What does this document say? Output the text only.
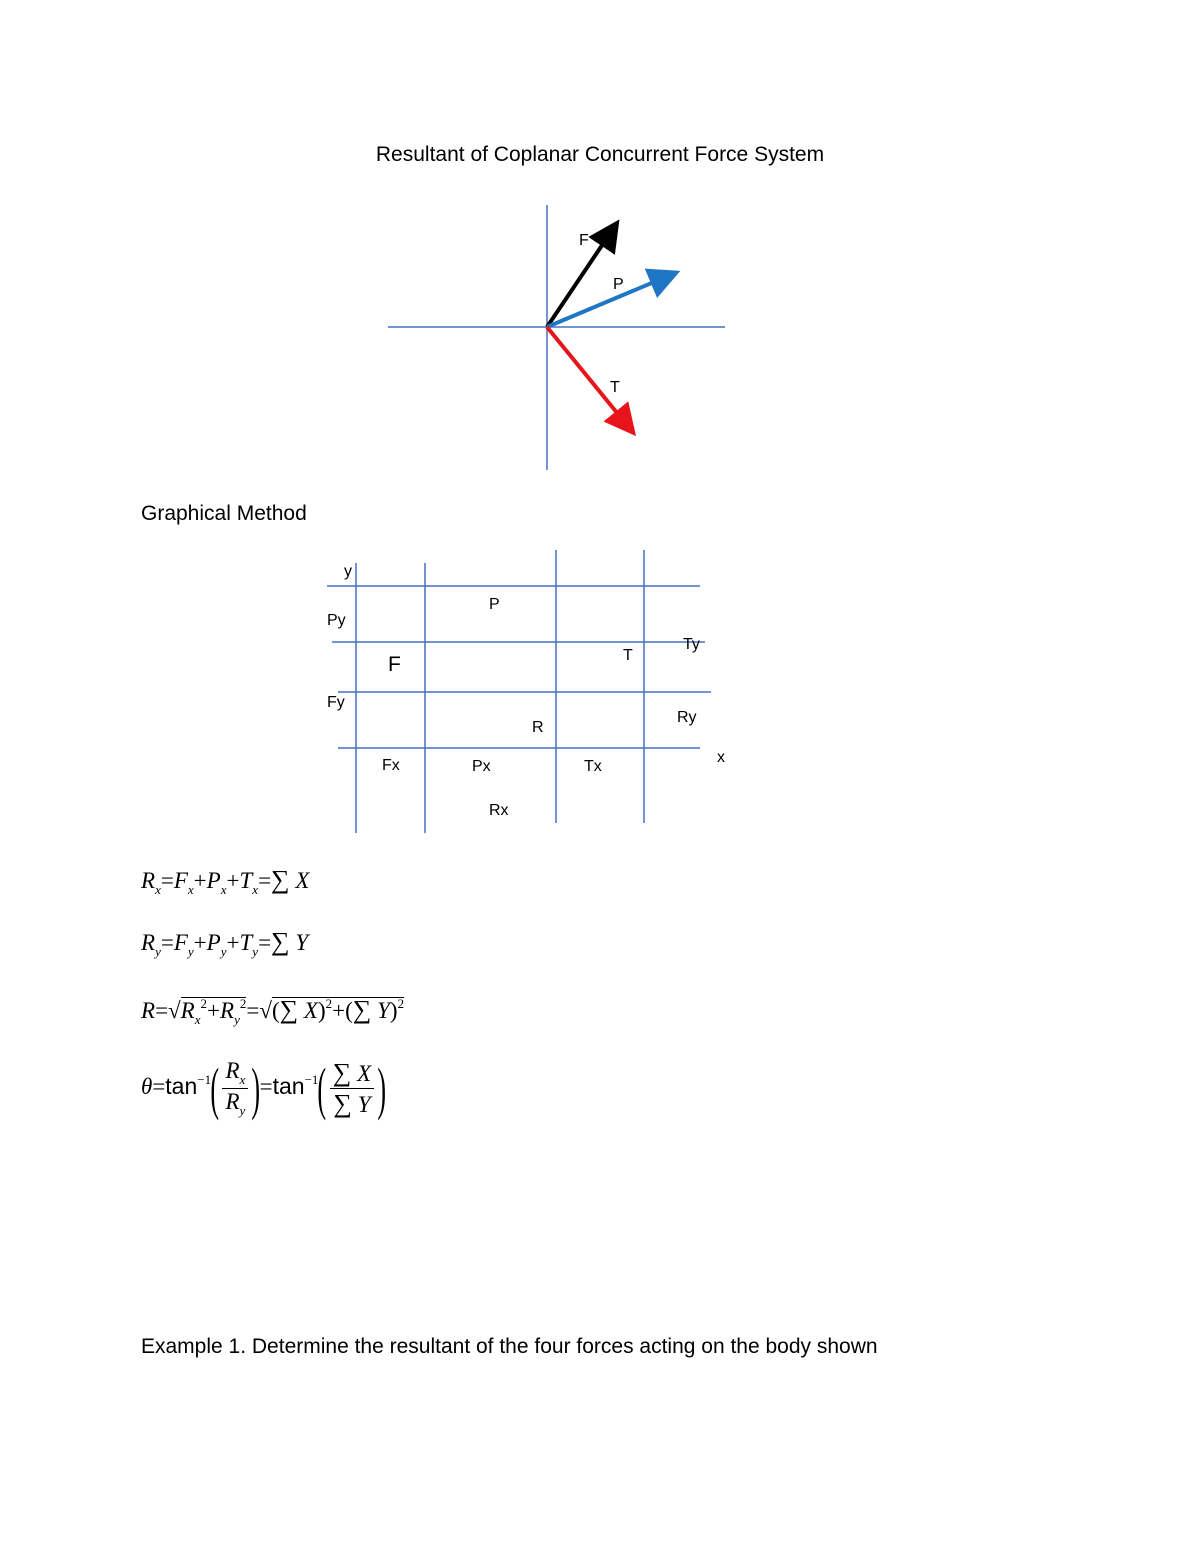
Resultant of Coplanar Concurrent Force System
F
P
T
Graphical Method
y
Py
P
F	T
Ty
Fy
R
Ry
x
Fx	Px	Tx
Rx
$R_x=F_x+P_x+T_x=\sum$ X
$R_y=F_y+P_y+T_y=\sum$ Y
$R=√R_x^2+R_y^2=√(\sum$ X)$^2$+(∑ Y)$^2$
$\theta=\tan^{-1}( \frac{R_x}{R_y} )=\tan^{-1}( \frac{\sum X}{\sum Y}$ )
Example 1. Determine the resultant of the four forces acting on the body shown
